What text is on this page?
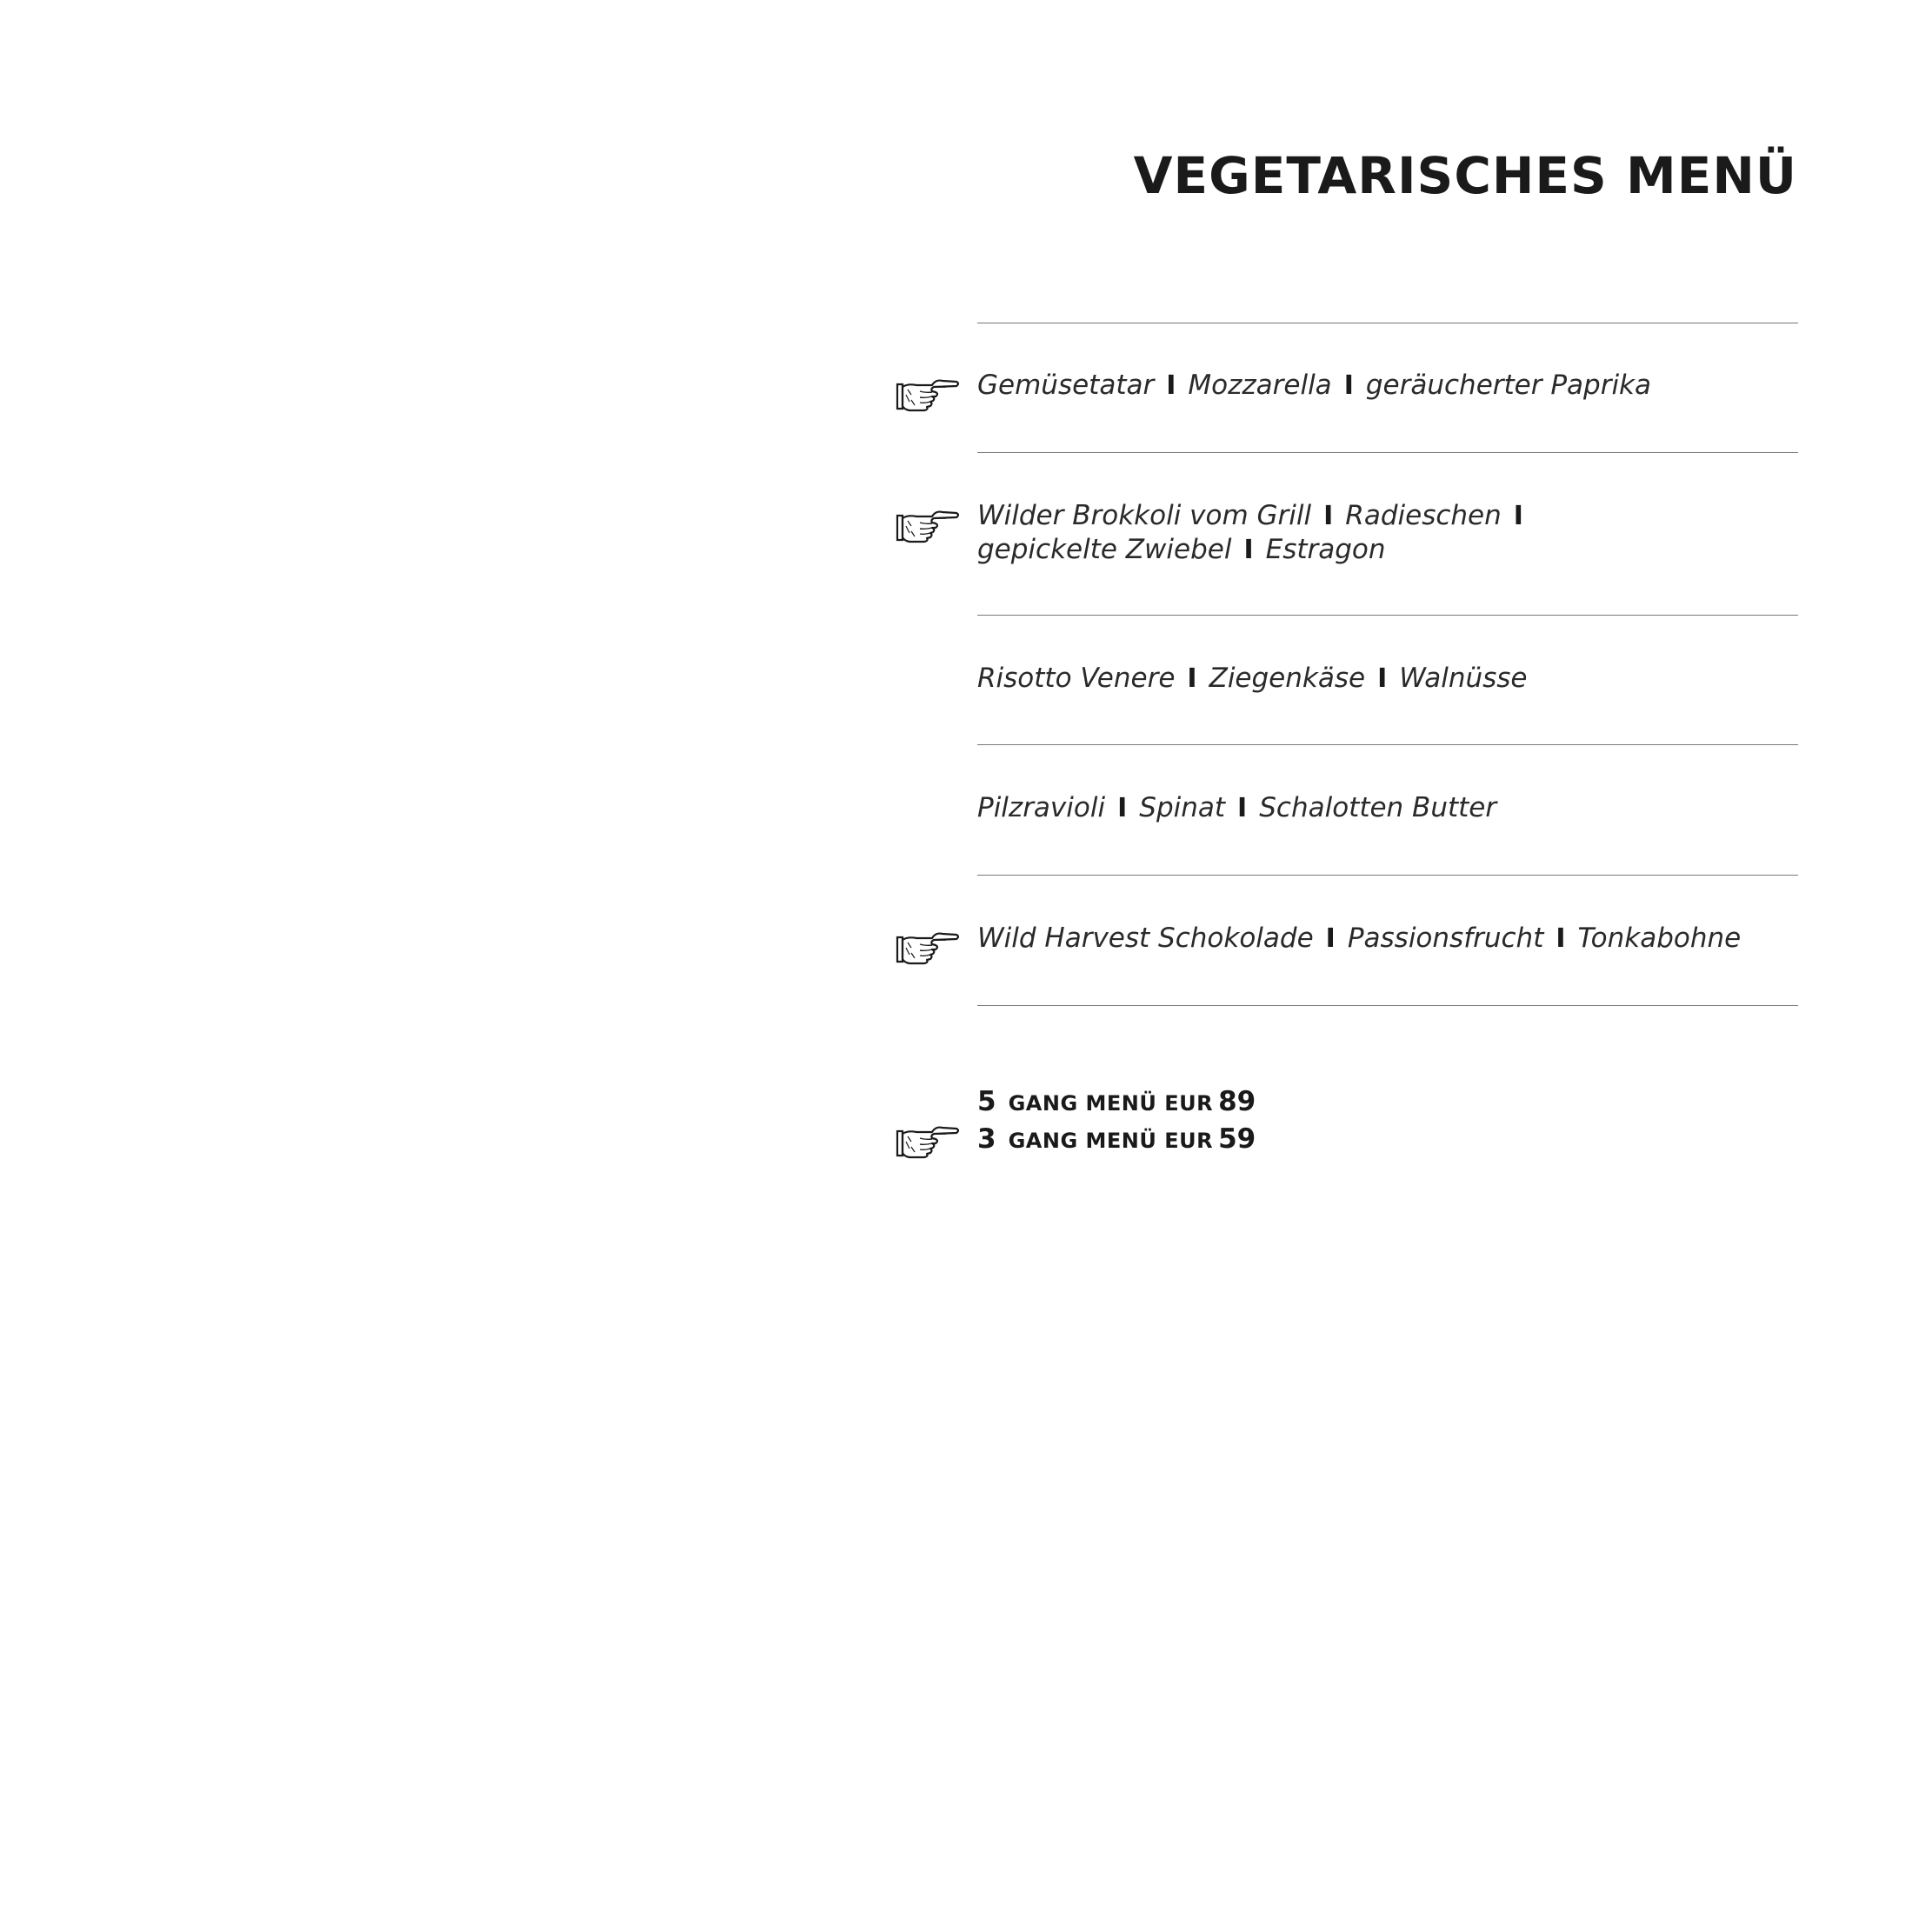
VEGETARISCHES MENÜ
Gemüsetatar I Mozzarella I geräucherter Paprika
Wilder Brokkoli vom Grill I Radieschen I
gepickelte Zwiebel I Estragon
Risotto Venere I Ziegenkäse I Walnüsse
Pilzravioli I Spinat I Schalotten Butter
Wild Harvest Schokolade I Passionsfrucht I Tonkabohne
5 GANG MENÜ EUR 89
3 GANG MENÜ EUR 59
